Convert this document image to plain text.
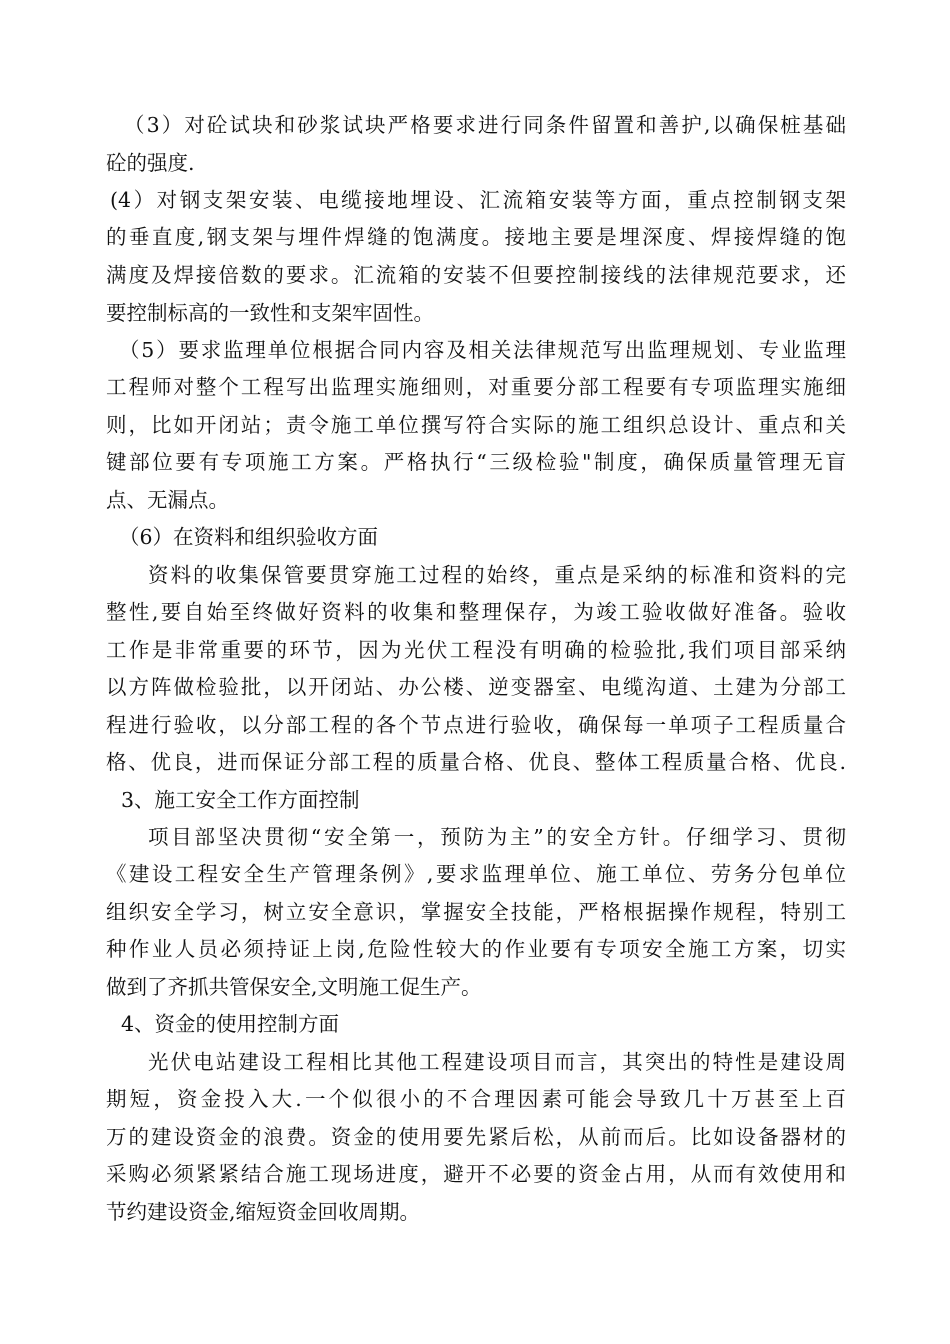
（3）对砼试块和砂浆试块严格要求进行同条件留置和善护,以确保桩基础
砼的强度.
(4）对钢支架安装、电缆接地埋设、汇流箱安装等方面，重点控制钢支架
的垂直度,钢支架与埋件焊缝的饱满度。接地主要是埋深度、焊接焊缝的饱
满度及焊接倍数的要求。汇流箱的安装不但要控制接线的法律规范要求，还
要控制标高的一致性和支架牢固性。
（5）要求监理单位根据合同内容及相关法律规范写出监理规划、专业监理
工程师对整个工程写出监理实施细则，对重要分部工程要有专项监理实施细
则，比如开闭站；责令施工单位撰写符合实际的施工组织总设计、重点和关
键部位要有专项施工方案。严格执行“三级检验"制度，确保质量管理无盲
点、无漏点。
（6）在资料和组织验收方面
资料的收集保管要贯穿施工过程的始终，重点是采纳的标准和资料的完
整性,要自始至终做好资料的收集和整理保存，为竣工验收做好准备。验收
工作是非常重要的环节，因为光伏工程没有明确的检验批,我们项目部采纳
以方阵做检验批，以开闭站、办公楼、逆变器室、电缆沟道、土建为分部工
程进行验收，以分部工程的各个节点进行验收，确保每一单项子工程质量合
格、优良，进而保证分部工程的质量合格、优良、整体工程质量合格、优良.
3、施工安全工作方面控制
项目部坚决贯彻“安全第一，预防为主”的安全方针。仔细学习、贯彻
《建设工程安全生产管理条例》,要求监理单位、施工单位、劳务分包单位
组织安全学习，树立安全意识，掌握安全技能，严格根据操作规程，特别工
种作业人员必须持证上岗,危险性较大的作业要有专项安全施工方案，切实
做到了齐抓共管保安全,文明施工促生产。
4、资金的使用控制方面
光伏电站建设工程相比其他工程建设项目而言，其突出的特性是建设周
期短，资金投入大.一个似很小的不合理因素可能会导致几十万甚至上百
万的建设资金的浪费。资金的使用要先紧后松，从前而后。比如设备器材的
采购必须紧紧结合施工现场进度，避开不必要的资金占用，从而有效使用和
节约建设资金,缩短资金回收周期。
